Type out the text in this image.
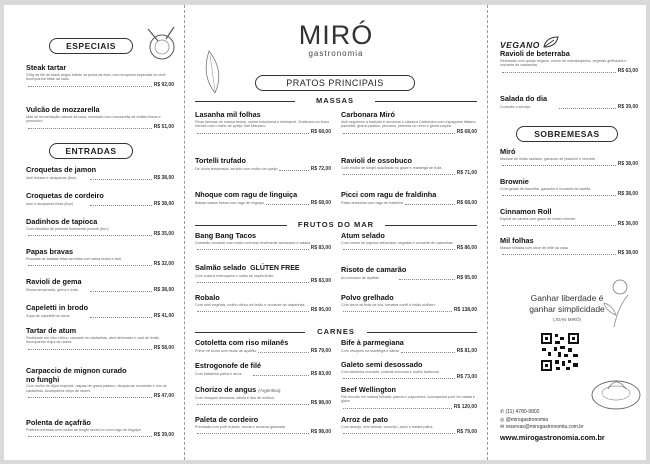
ESPECIAIS
Steak tartar
200g de filé de black angus batido na ponta da faca, com temperos especiais do chef. Acompanha fritas da casa
R$ 92,00
Vulcão de mozzarella
Mão de fermentação natural da casa, recheado com mozzarella de búfala fresca e pomodoro
R$ 51,00
ENTRADAS
Croquetas de jamon
Aioli trufado e alcaparras (6un)	R$ 38,00
Croquetas de cordeiro
Aioli e alcaparras fritas (6un)	R$ 38,00
Dadinhos de tapioca
Com emulsão de pimenta levemente picante (6un)
R$ 35,00
Papas bravas
Rocadas de batatas fritas servidas com salsa brava e aioli
R$ 32,00
Ravioli de gema
Ricota temperada, gema e trufa	R$ 38,00
Capeletti in brodo
Sopa de capeletti de carne	R$ 41,00
Tartar de atum
Finalizado em óleo cítrico, crocante de castanhas, aioli defumado e zest de limão. Acompanha chips de raízes
R$ 58,00
Carpaccio de mignon curado no funghi
Com molho de dijon especial, raspas de grana padano, alcaparras crocantes e mix de castanhas. Acompanha chips de raízes
R$ 47,00
Polenta de açafrão
Polenta cremosa com molho de funghi secchi ou com ragu de linguiça
R$ 39,00
MIRÓ
gastronomia
PRATOS PRINCIPAIS
MASSAS
Lasanha mil folhas
Finas lâminas de massa fresca, creme bolonhesa e bechamel. Gratinado ao forno. Servido com molho de queijo San Marzano
R$ 68,00
Carbonara Miró
Aioli seguimos a tradição e servimos o clássico Carbonara com espaguete italiano, pancetta, grana padano, pecorino, pimenta do reino e gema caipira
R$ 68,00
Tortelli trufado
De ricota temperada, servido com molho de queijo	R$ 72,00
Ravioli de ossobuco
Com molho de funghi suavizado no glace e manteiga de trufa
R$ 71,00
Nhoque com ragu de linguiça
Batata massa fresca com ragu de linguiça	R$ 68,00
Picci com ragu de fraldinha
Pasta artesanal com ragu de fraldinha	R$ 68,00
FRUTOS DO MAR
Bang Bang Tacos
Camarão crocante com molho cremoso levemente adocicado e salada
R$ 83,00
Atum selado
Com creme de páprica defumada, vegetais e crocante de castanhas
R$ 86,00
Salmão selado GLÚTEN FREE
Com cuscuz marroquino e salsa de capim limão
R$ 83,00
Risoto de camarão
Ao cremoso de açafrão	R$ 95,00
Robalo
Com mini vegetais, molho cítrico de limão e crocante de castanhas
R$ 95,00
Polvo grelhado
Com arroz de tinta de lula, tomates confit e limão siciliano
R$ 138,00
CARNES
Cotoletta com riso milanês
Prime rib suíno com risoto de açafrão	R$ 79,00
Bife à parmegiana
Com nhoques na manteiga e sálvia	R$ 81,00
Estrogonofe de filé
Com batatinha palha e arroz	R$ 83,00
Galeto semi desossado
Com farofinha crocante, polenta cremosa e molho barbecue
R$ 73,00
Chorizo de angus (Argentina)
Com nhoques dourados, sálvia e duo de molhos
R$ 98,00
Beef Wellington
Filé envolto em massa folhada, parma e cogumelos. Acompanha purê de batata e glace
R$ 120,00
Paleta de cordeiro
Premiada com purê trufado, rúcula e sensura glaceada
R$ 98,00
Arroz de pato
Com laranja, mini cebola, chouriço, arroz e batata palha
R$ 79,00
VEGANO
Ravioli de beterraba
Recheado com queijo vegano, creme de mandioquinha, vegetais grelhados e crocante de castanhas
R$ 63,00
Salada do dia
Consulte o serviço	R$ 39,00
SOBREMESAS
Miró
Mousse de limão siciliano, ganache de pistache e crumble
R$ 38,00
Brownie
Com gelato de baunilha, ganache e crocante de avelãs
R$ 38,00
Cinnamon Roll
Espiral de canela com glace de cream cheese
R$ 36,00
Mil folhas
Massa folhada com doce de leite da casa
R$ 38,00
Ganhar liberdade é
ganhar simplicidade
(JOAN MIRÓ)
✆ (11) 4780-9802
◎ @mirogastronomia
✉ reservas@mirogastronomia.com.br
www.mirogastronomia.com.br
